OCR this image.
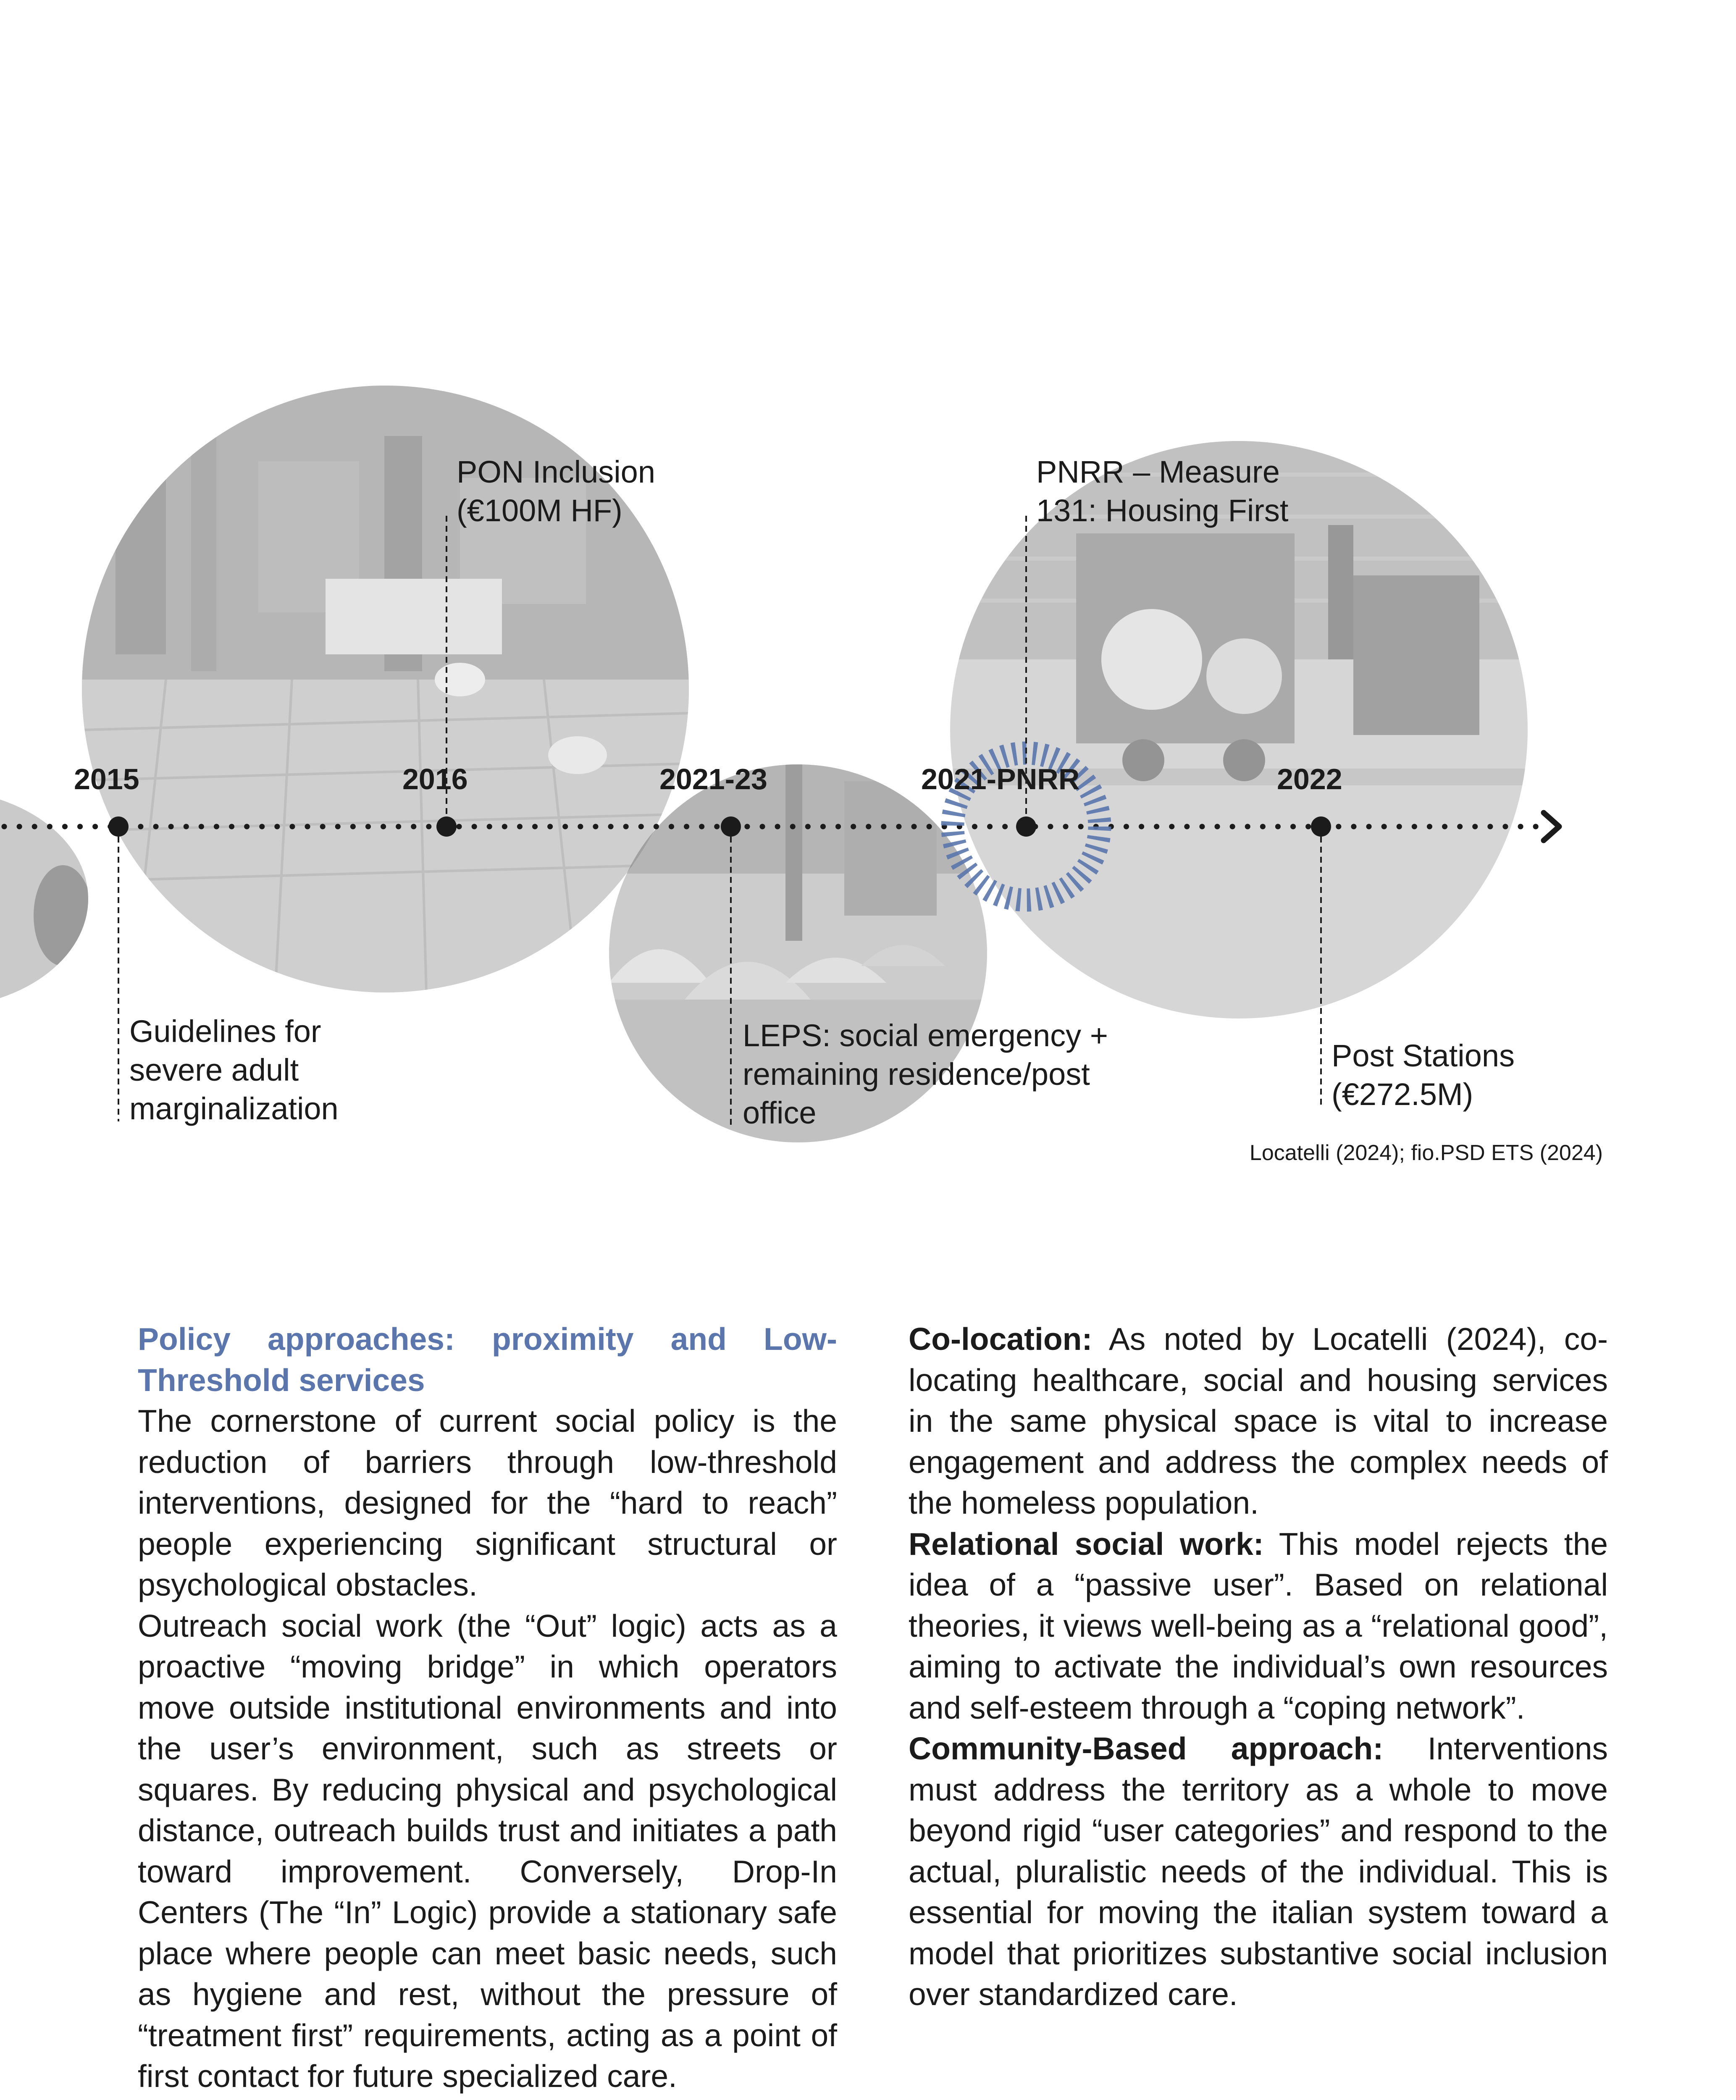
2015	2016	2021-23	2021-PNRR	2022
PON Inclusion
(€100M HF)
PNRR – Measure
131: Housing First
Guidelines for
severe adult
marginalization
LEPS: social emergency +
remaining residence/post
office
Post Stations
(€272.5M)
Locatelli (2024); fio.PSD ETS (2024)

Policy approaches: proximity and Low-Threshold services

The cornerstone of current social policy is the reduction of barriers through low-threshold interventions, designed for the “hard to reach” people experiencing significant structural or psychological obstacles.

Outreach social work (the “Out” logic) acts as a proactive “moving bridge” in which operators move outside institutional environments and into the user’s environment, such as streets or squares. By reducing physical and psychological distance, outreach builds trust and initiates a path toward improvement. Conversely, Drop-In Centers (The “In” Logic) provide a stationary safe place where people can meet basic needs, such as hygiene and rest, without the pressure of “treatment first” requirements, acting as a point of first contact for future specialized care.

Co-location: As noted by Locatelli (2024), co-locating healthcare, social and housing services in the same physical space is vital to increase engagement and address the complex needs of the homeless population.

Relational social work: This model rejects the idea of a “passive user”. Based on relational theories, it views well-being as a “relational good”, aiming to activate the individual’s own resources and self-esteem through a “coping network”.

Community-Based approach: Interventions must address the territory as a whole to move beyond rigid “user categories” and respond to the actual, pluralistic needs of the individual. This is essential for moving the italian system toward a model that prioritizes substantive social inclusion over standardized care.
